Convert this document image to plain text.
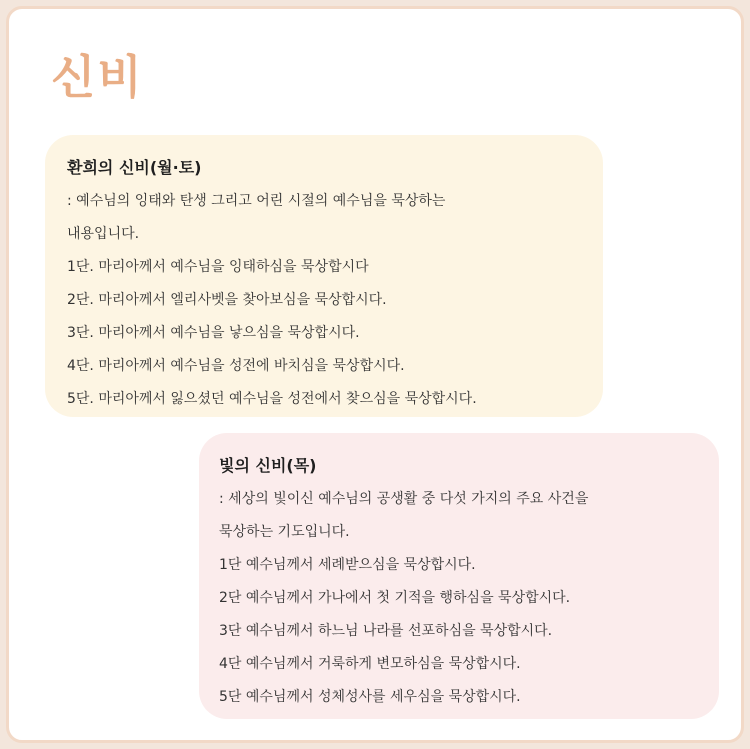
신비

환희의 신비(월·토)

: 예수님의 잉태와 탄생 그리고 어린 시절의 예수님을 묵상하는

내용입니다.

1단. 마리아께서 예수님을 잉태하심을 묵상합시다

2단. 마리아께서 엘리사벳을 찾아보심을 묵상합시다.

3단. 마리아께서 예수님을 낳으심을 묵상합시다.

4단. 마리아께서 예수님을 성전에 바치심을 묵상합시다.

5단. 마리아께서 잃으셨던 예수님을 성전에서 찾으심을 묵상합시다.

빛의 신비(목)

: 세상의 빛이신 예수님의 공생활 중 다섯 가지의 주요 사건을

묵상하는 기도입니다.

1단 예수님께서 세례받으심을 묵상합시다.

2단 예수님께서 가나에서 첫 기적을 행하심을 묵상합시다.

3단 예수님께서 하느님 나라를 선포하심을 묵상합시다.

4단 예수님께서 거룩하게 변모하심을 묵상합시다.

5단 예수님께서 성체성사를 세우심을 묵상합시다.
